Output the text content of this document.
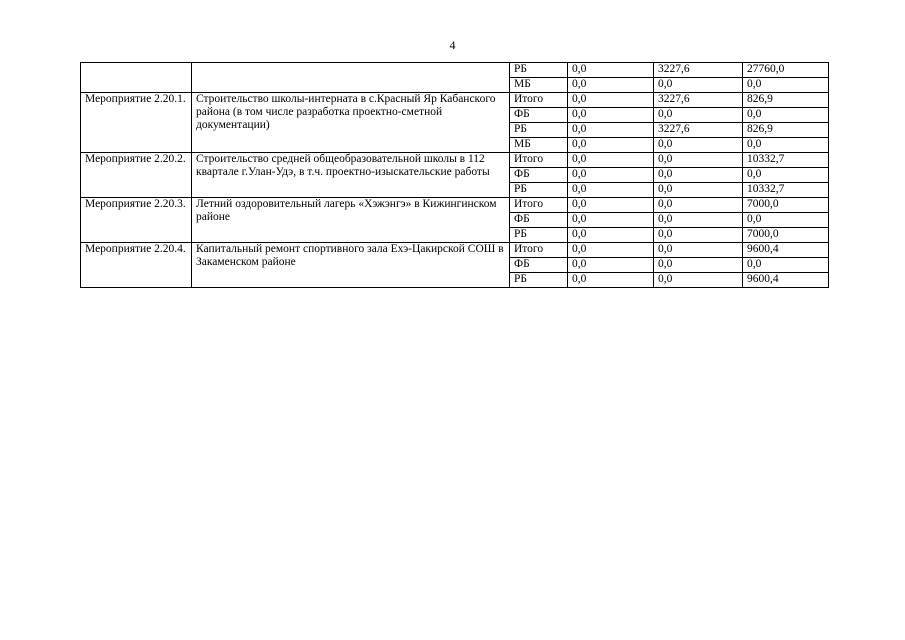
4
		РБ	0,0	3227,6	27760,0
		МБ	0,0	0,0	0,0
Мероприятие 2.20.1.	Строительство школы-интерната в с.Красный Яр Кабанского района (в том числе разработка проектно-сметной документации)	Итого	0,0	3227,6	826,9
		ФБ	0,0	0,0	0,0
		РБ	0,0	3227,6	826,9
		МБ	0,0	0,0	0,0
Мероприятие 2.20.2.	Строительство средней общеобразовательной школы в 112 квартале г.Улан-Удэ, в т.ч. проектно-изыскательские работы	Итого	0,0	0,0	10332,7
		ФБ	0,0	0,0	0,0
		РБ	0,0	0,0	10332,7
Мероприятие 2.20.3.	Летний оздоровительный лагерь «Хэжэнгэ» в Кижингинском районе	Итого	0,0	0,0	7000,0
		ФБ	0,0	0,0	0,0
		РБ	0,0	0,0	7000,0
Мероприятие 2.20.4.	Капитальный ремонт спортивного зала Ехэ-Цакирской СОШ в Закаменском районе	Итого	0,0	0,0	9600,4
		ФБ	0,0	0,0	0,0
		РБ	0,0	0,0	9600,4
